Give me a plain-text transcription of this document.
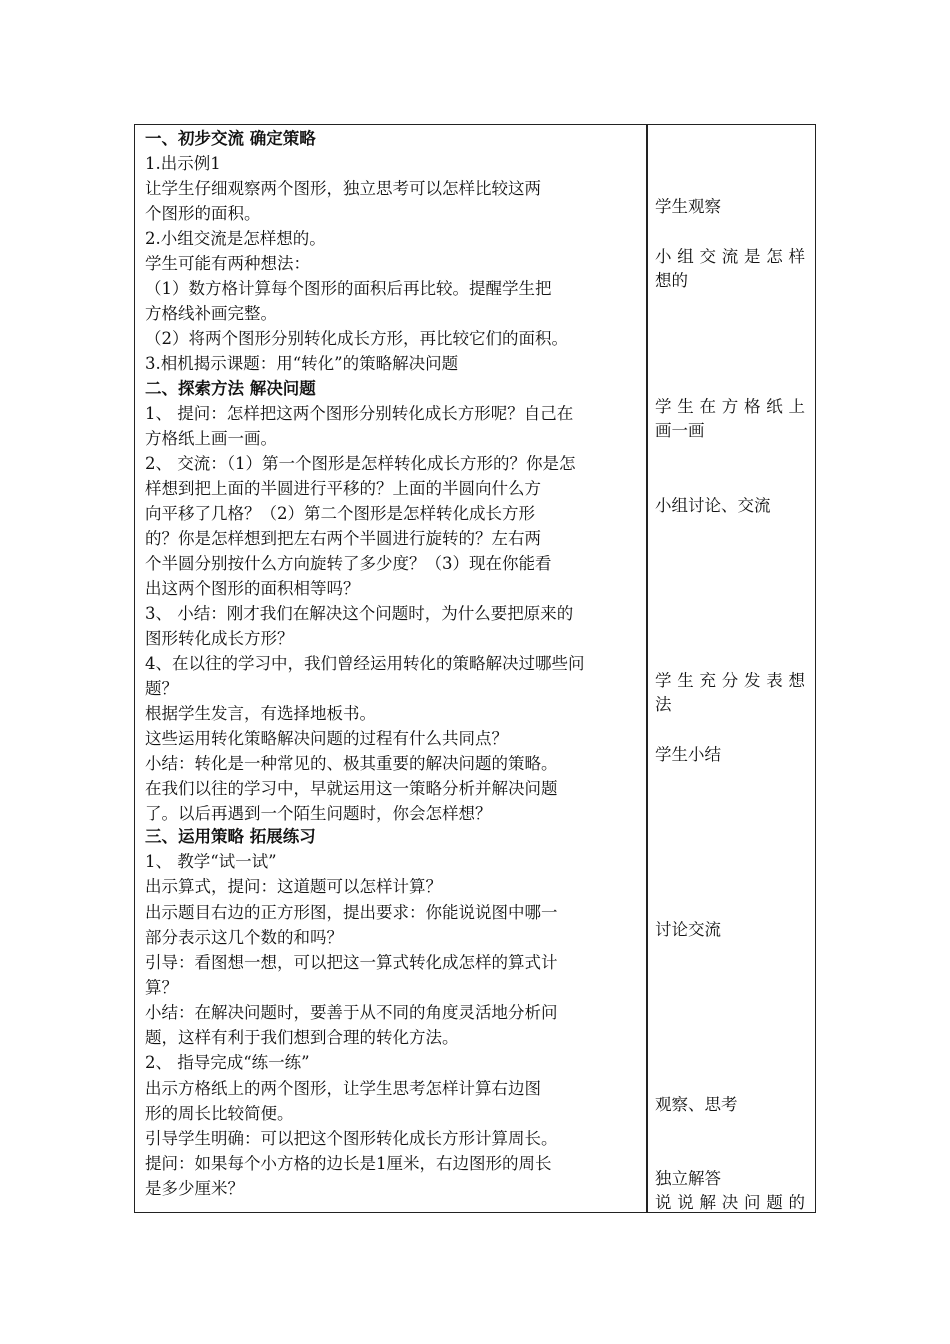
一、初步交流 确定策略
1.出示例1
让学生仔细观察两个图形，独立思考可以怎样比较这两
个图形的面积。
2.小组交流是怎样想的。
学生可能有两种想法：
（1）数方格计算每个图形的面积后再比较。提醒学生把
方格线补画完整。
（2）将两个图形分别转化成长方形，再比较它们的面积。
3.相机揭示课题：用“转化”的策略解决问题
二、探索方法 解决问题
1、 提问：怎样把这两个图形分别转化成长方形呢？自己在
方格纸上画一画。
2、 交流：（1）第一个图形是怎样转化成长方形的？你是怎
样想到把上面的半圆进行平移的？上面的半圆向什么方
向平移了几格？（2）第二个图形是怎样转化成长方形
的？你是怎样想到把左右两个半圆进行旋转的？左右两
个半圆分别按什么方向旋转了多少度？（3）现在你能看
出这两个图形的面积相等吗？
3、 小结：刚才我们在解决这个问题时，为什么要把原来的
图形转化成长方形？
4、在以往的学习中，我们曾经运用转化的策略解决过哪些问
题？
根据学生发言，有选择地板书。
这些运用转化策略解决问题的过程有什么共同点？
小结：转化是一种常见的、极其重要的解决问题的策略。
在我们以往的学习中，早就运用这一策略分析并解决问题
了。以后再遇到一个陌生问题时，你会怎样想？
三、运用策略 拓展练习
1、 教学“试一试”
出示算式，提问：这道题可以怎样计算？
出示题目右边的正方形图，提出要求：你能说说图中哪一
部分表示这几个数的和吗？
引导：看图想一想，可以把这一算式转化成怎样的算式计
算？
小结：在解决问题时，要善于从不同的角度灵活地分析问
题，这样有利于我们想到合理的转化方法。
2、 指导完成“练一练”
出示方格纸上的两个图形，让学生思考怎样计算右边图
形的周长比较简便。
引导学生明确：可以把这个图形转化成长方形计算周长。
提问：如果每个小方格的边长是1厘米，右边图形的周长
是多少厘米？
学生观察
小组交流是怎样
想的
学生在方格纸上
画一画
小组讨论、交流
学生充分发表想
法
学生小结
讨论交流
观察、思考
独立解答
说说解决问题的
